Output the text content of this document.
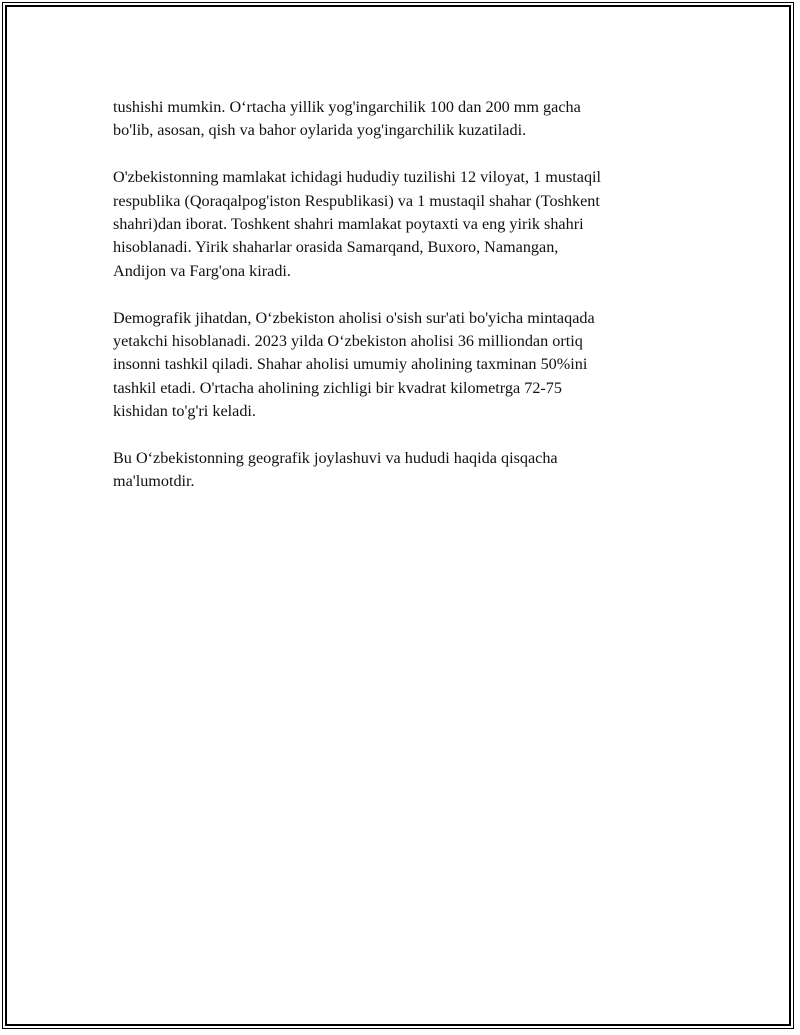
tushishi mumkin. O‘rtacha yillik yog'ingarchilik 100 dan 200 mm gacha
bo'lib, asosan, qish va bahor oylarida yog'ingarchilik kuzatiladi.

O'zbekistonning mamlakat ichidagi hududiy tuzilishi 12 viloyat, 1 mustaqil
respublika (Qoraqalpog'iston Respublikasi) va 1 mustaqil shahar (Toshkent
shahri)dan iborat. Toshkent shahri mamlakat poytaxti va eng yirik shahri
hisoblanadi. Yirik shaharlar orasida Samarqand, Buxoro, Namangan,
Andijon va Farg'ona kiradi.

Demografik jihatdan, O‘zbekiston aholisi o'sish sur'ati bo'yicha mintaqada
yetakchi hisoblanadi. 2023 yilda O‘zbekiston aholisi 36 milliondan ortiq
insonni tashkil qiladi. Shahar aholisi umumiy aholining taxminan 50%ini
tashkil etadi. O'rtacha aholining zichligi bir kvadrat kilometrga 72-75
kishidan to'g'ri keladi.

Bu O‘zbekistonning geografik joylashuvi va hududi haqida qisqacha
ma'lumotdir.
